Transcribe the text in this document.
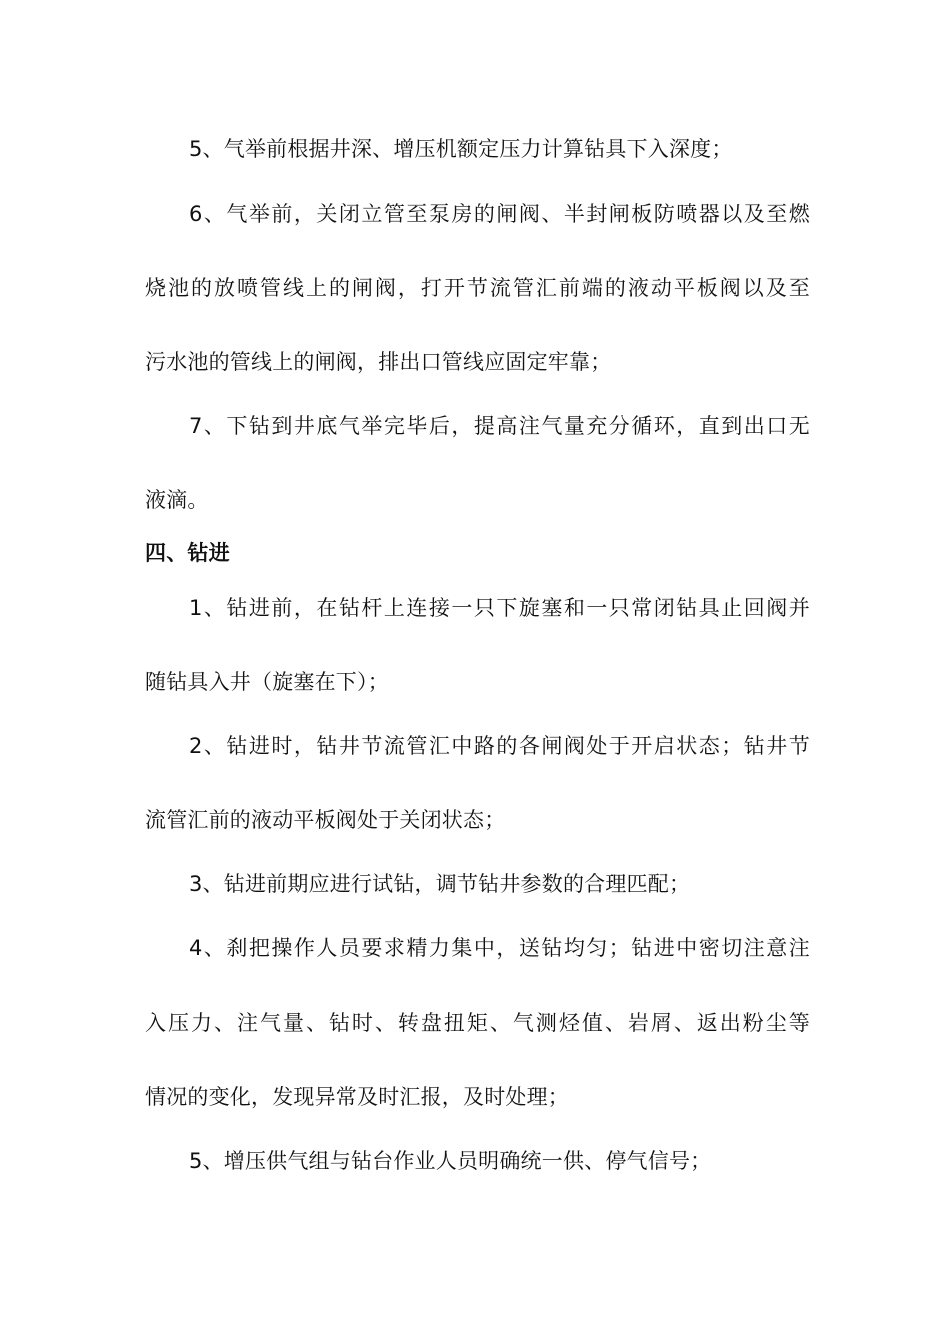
5、气举前根据井深、增压机额定压力计算钻具下入深度；
6、气举前，关闭立管至泵房的闸阀、半封闸板防喷器以及至燃
烧池的放喷管线上的闸阀，打开节流管汇前端的液动平板阀以及至
污水池的管线上的闸阀，排出口管线应固定牢靠；
7、下钻到井底气举完毕后，提高注气量充分循环，直到出口无
液滴。
四、钻进
1、钻进前，在钻杆上连接一只下旋塞和一只常闭钻具止回阀并
随钻具入井（旋塞在下）；
2、钻进时，钻井节流管汇中路的各闸阀处于开启状态；钻井节
流管汇前的液动平板阀处于关闭状态；
3、钻进前期应进行试钻，调节钻井参数的合理匹配；
4、刹把操作人员要求精力集中，送钻均匀；钻进中密切注意注
入压力、注气量、钻时、转盘扭矩、气测烃值、岩屑、返出粉尘等
情况的变化，发现异常及时汇报，及时处理；
5、增压供气组与钻台作业人员明确统一供、停气信号；
